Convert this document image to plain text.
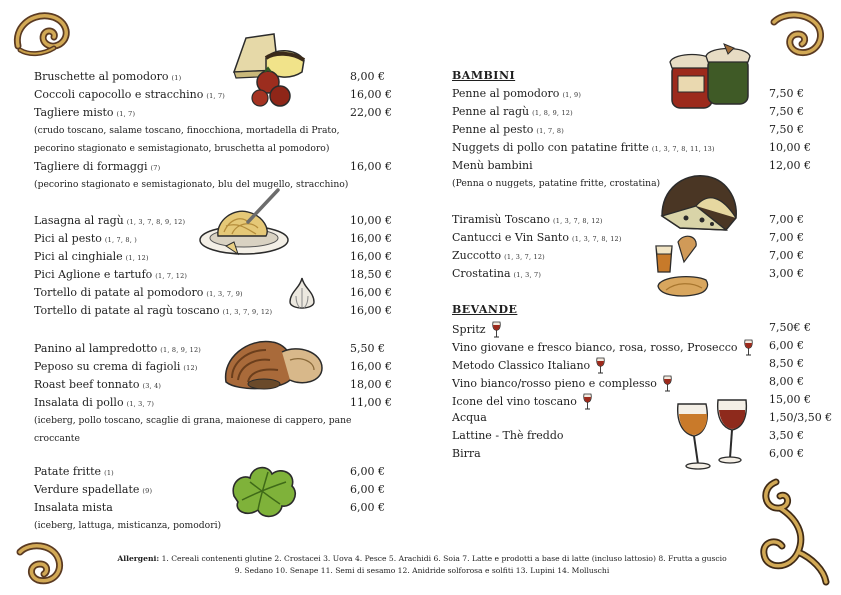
Bruschette al pomodoro (1)	8,00 €
Coccoli capocollo e stracchino (1, 7)	16,00 €
Tagliere misto (1, 7)	22,00 €
(crudo toscano, salame toscano, finocchiona, mortadella di Prato,
pecorino stagionato e semistagionato, bruschetta al pomodoro)
Tagliere di formaggi (7)	16,00 €
(pecorino stagionato e semistagionato, blu del mugello, stracchino)
Lasagna al ragù (1, 3, 7, 8, 9, 12)	10,00 €
Pici al pesto (1, 7, 8, )	16,00 €
Pici al cinghiale (1, 12)	16,00 €
Pici Aglione e tartufo (1, 7, 12)	18,50 €
Tortello di patate al pomodoro (1, 3, 7, 9)	16,00 €
Tortello di patate al ragù toscano (1, 3, 7, 9, 12)	16,00 €
Panino al lampredotto (1, 8, 9, 12)	5,50 €
Peposo su crema di fagioli (12)	16,00 €
Roast beef tonnato (3, 4)	18,00 €
Insalata di pollo (1, 3, 7)	11,00 €
(iceberg, pollo toscano, scaglie di grana, maionese di cappero, pane
croccante
Patate fritte (1)	6,00 €
Verdure spadellate (9)	6,00 €
Insalata mista	6,00 €
(iceberg, lattuga, misticanza, pomodori)
BAMBINI
Penne al pomodoro (1, 9)	7,50 €
Penne al ragù (1, 8, 9, 12)	7,50 €
Penne al pesto (1, 7, 8)	7,50 €
Nuggets di pollo con patatine fritte (1, 3, 7, 8, 11, 13)	10,00 €
Menù bambini	12,00 €
(Penna o nuggets, patatine fritte, crostatina)
Tiramisù Toscano (1, 3, 7, 8, 12)	7,00 €
Cantucci e Vin Santo (1, 3, 7, 8, 12)	7,00 €
Zuccotto (1, 3, 7, 12)	7,00 €
Crostatina (1, 3, 7)	3,00 €
BEVANDE
Spritz	7,50€ €
Vino giovane e fresco bianco, rosa, rosso, Prosecco	6,00 €
Metodo Classico Italiano	8,50 €
Vino bianco/rosso pieno e complesso	8,00 €
Icone del vino toscano	15,00 €
Acqua	1,50/3,50 €
Lattine - Thè freddo	3,50 €
Birra	6,00 €
Allergeni: 1. Cereali contenenti glutine 2. Crostacei 3. Uova 4. Pesce 5. Arachidi 6. Soia 7. Latte e prodotti a base di latte (incluso lattosio) 8. Frutta a guscio
9. Sedano 10. Senape 11. Semi di sesamo 12. Anidride solforosa e solfiti 13. Lupini 14. Molluschi
